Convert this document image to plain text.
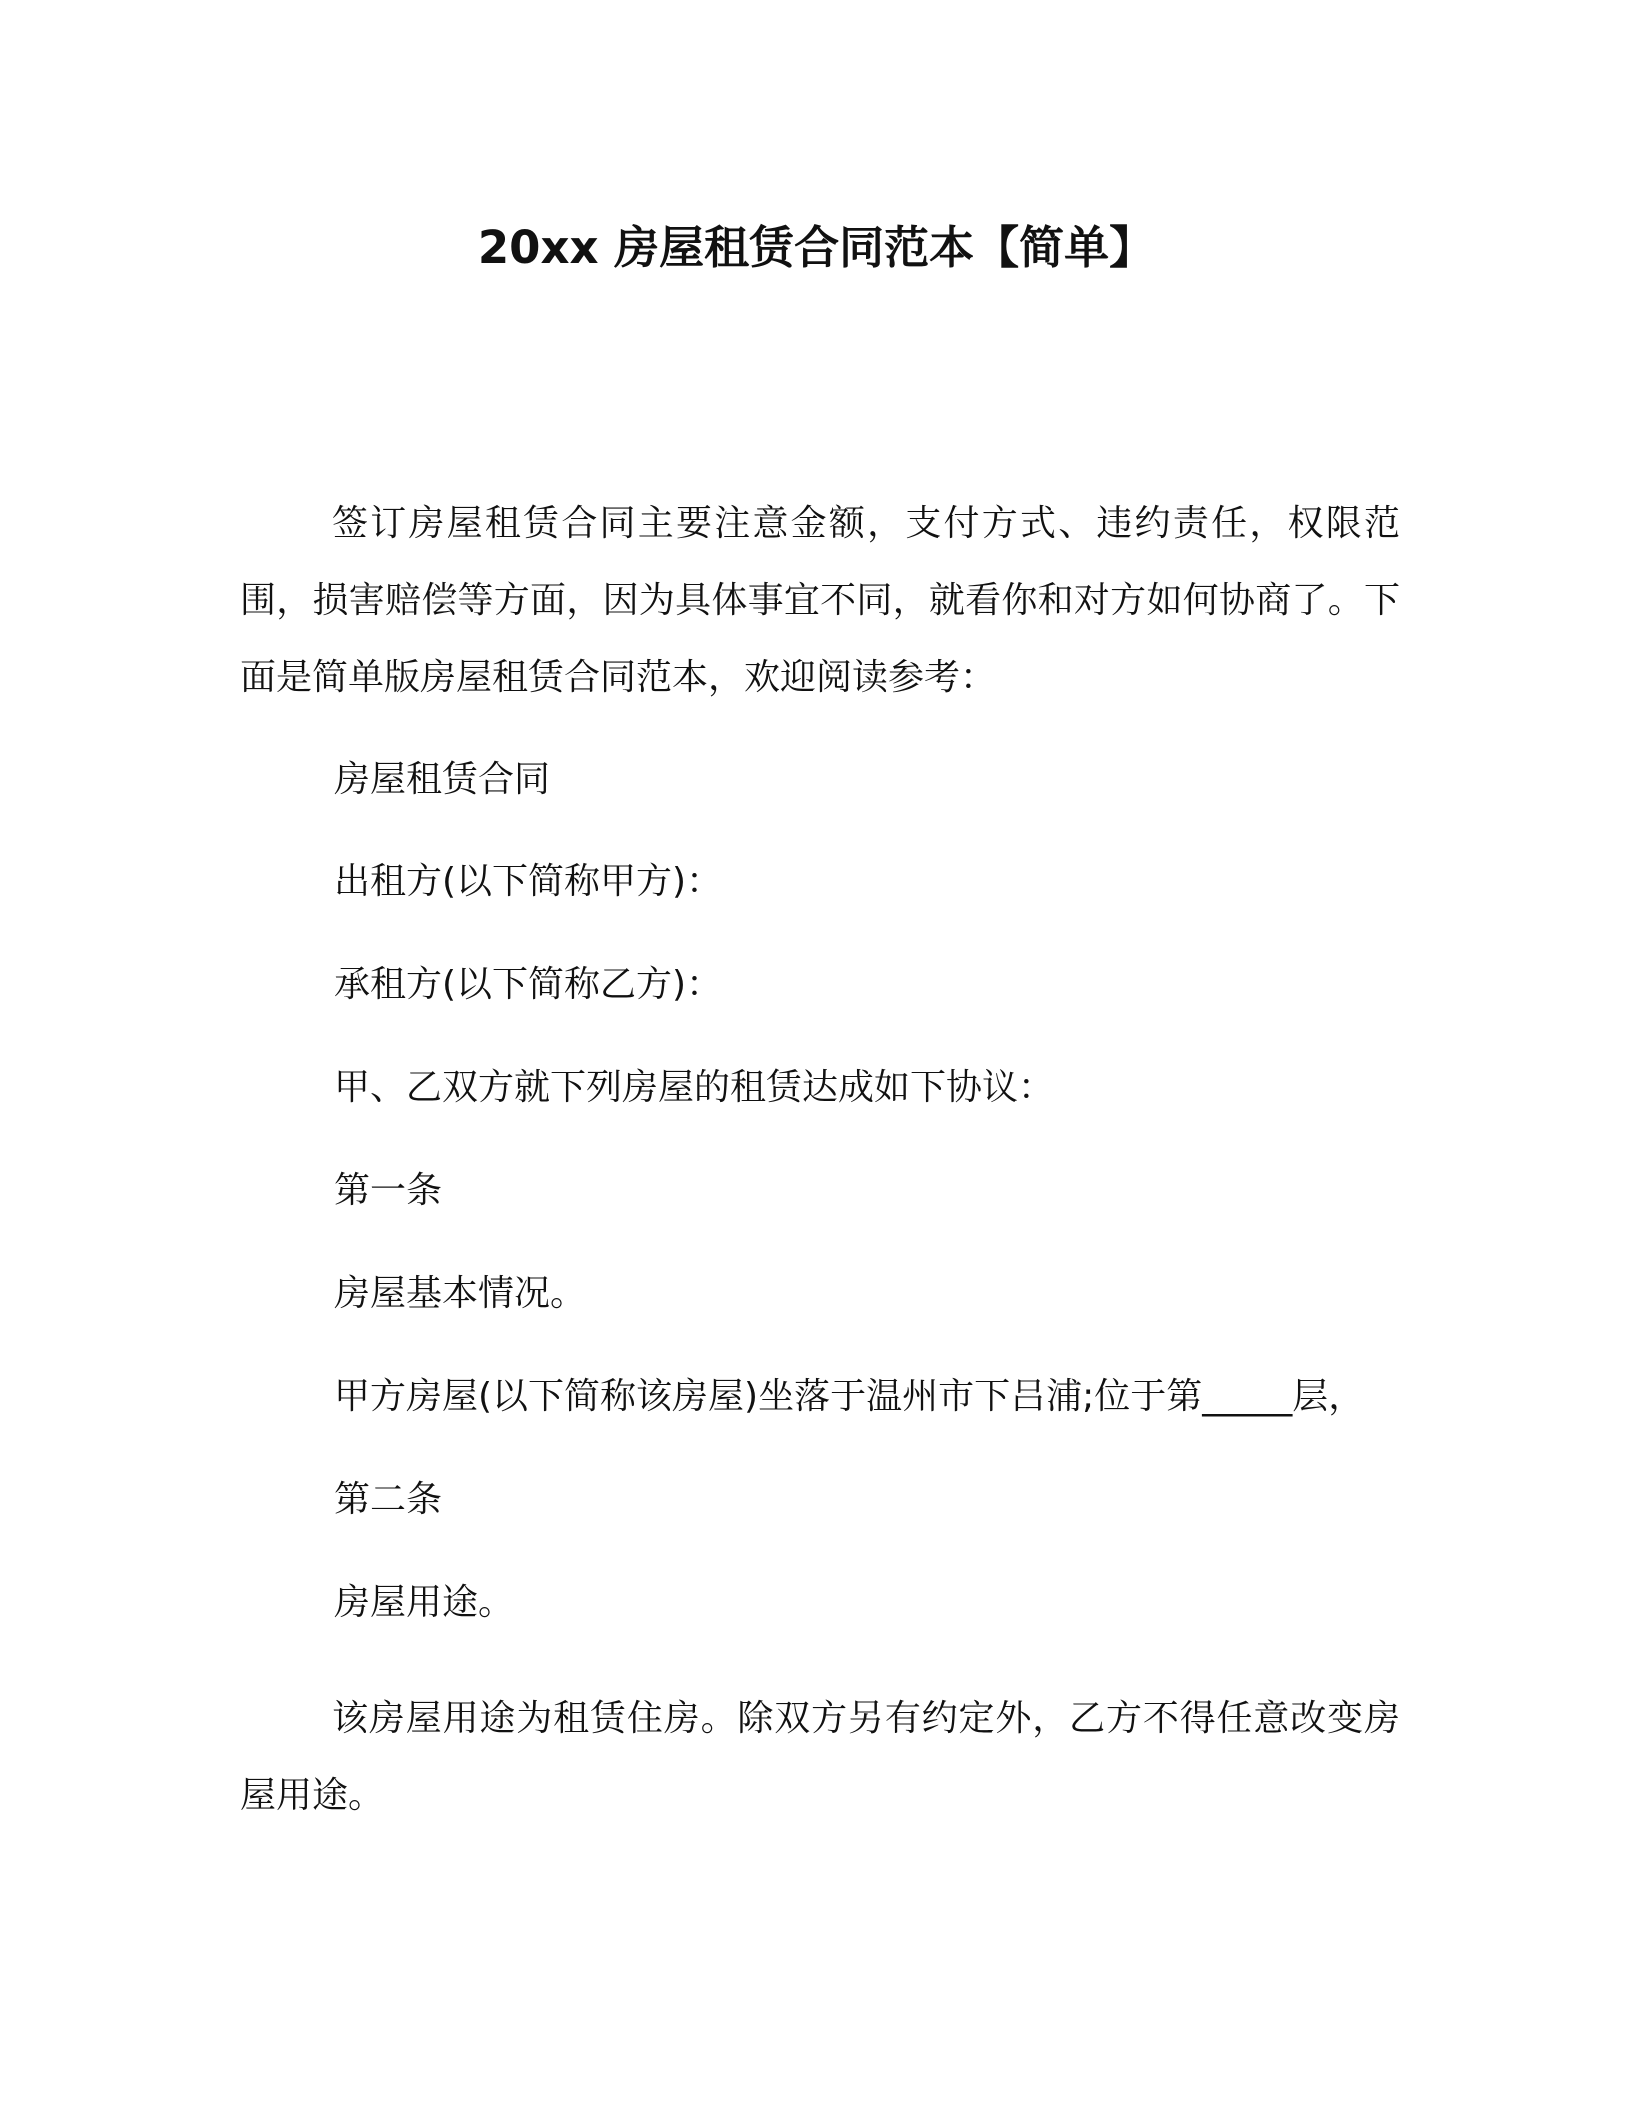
20xx 房屋租赁合同范本【简单】

签订房屋租赁合同主要注意金额，支付方式、违约责任，权限范围，损害赔偿等方面，因为具体事宜不同，就看你和对方如何协商了。下面是简单版房屋租赁合同范本，欢迎阅读参考：

房屋租赁合同

出租方(以下简称甲方)：

承租方(以下简称乙方)：

甲、乙双方就下列房屋的租赁达成如下协议：

第一条

房屋基本情况。

甲方房屋(以下简称该房屋)坐落于温州市下吕浦;位于第_____层，

第二条

房屋用途。

该房屋用途为租赁住房。除双方另有约定外，乙方不得任意改变房屋用途。
